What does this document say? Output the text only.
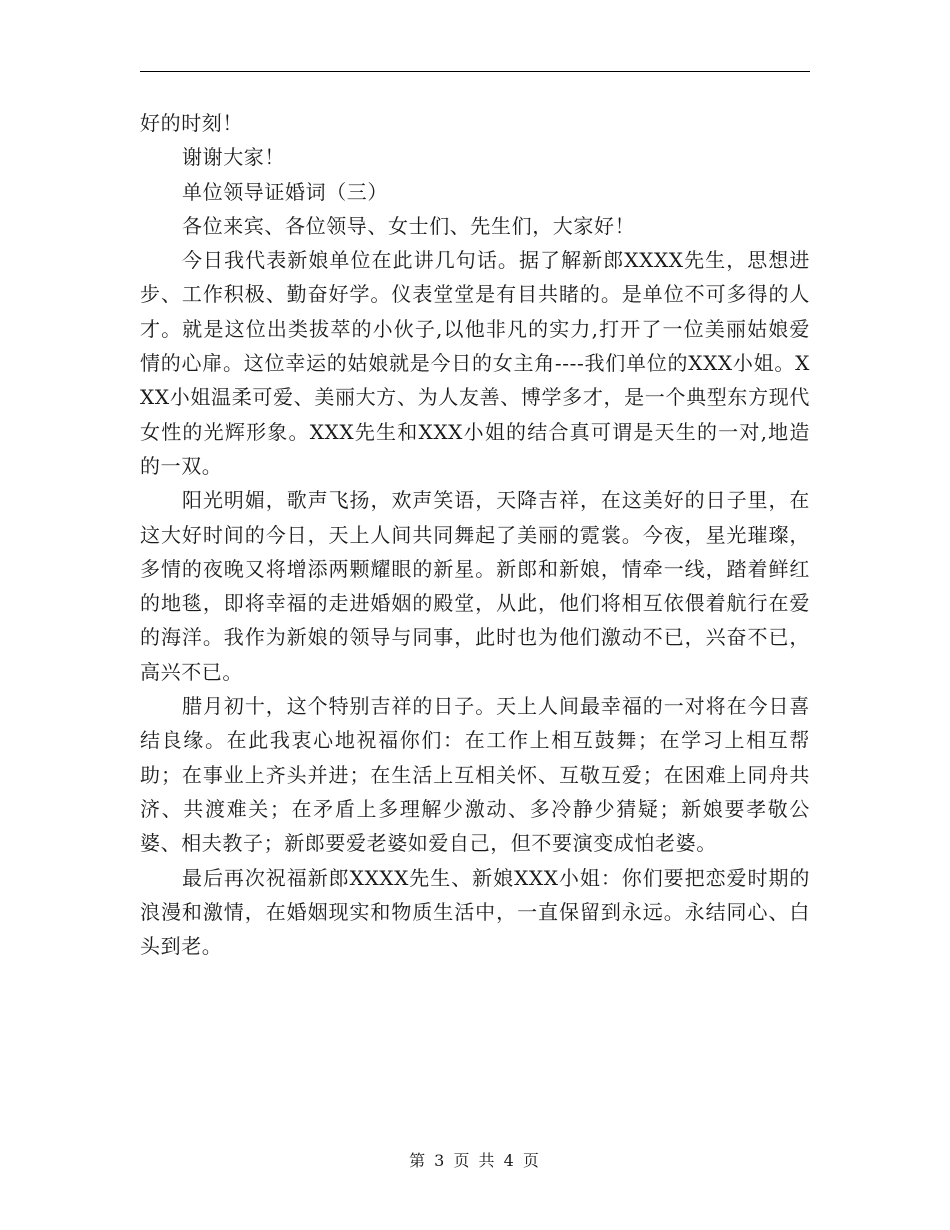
好的时刻！

谢谢大家！

单位领导证婚词（三）

各位来宾、各位领导、女士们、先生们，大家好！

今日我代表新娘单位在此讲几句话。据了解新郎XXXX先生，思想进步、工作积极、勤奋好学。仪表堂堂是有目共睹的。是单位不可多得的人才。就是这位出类拔萃的小伙子,以他非凡的实力,打开了一位美丽姑娘爱情的心扉。这位幸运的姑娘就是今日的女主角----我们单位的XXX小姐。XXX小姐温柔可爱、美丽大方、为人友善、博学多才，是一个典型东方现代女性的光辉形象。XXX先生和XXX小姐的结合真可谓是天生的一对,地造的一双。

阳光明媚，歌声飞扬，欢声笑语，天降吉祥，在这美好的日子里，在这大好时间的今日，天上人间共同舞起了美丽的霓裳。今夜，星光璀璨，多情的夜晚又将增添两颗耀眼的新星。新郎和新娘，情牵一线，踏着鲜红的地毯，即将幸福的走进婚姻的殿堂，从此，他们将相互依偎着航行在爱的海洋。我作为新娘的领导与同事，此时也为他们激动不已，兴奋不已，高兴不已。

腊月初十，这个特别吉祥的日子。天上人间最幸福的一对将在今日喜结良缘。在此我衷心地祝福你们：在工作上相互鼓舞；在学习上相互帮助；在事业上齐头并进；在生活上互相关怀、互敬互爱；在困难上同舟共济、共渡难关；在矛盾上多理解少激动、多冷静少猜疑；新娘要孝敬公婆、相夫教子；新郎要爱老婆如爱自己，但不要演变成怕老婆。

最后再次祝福新郎XXXX先生、新娘XXX小姐：你们要把恋爱时期的浪漫和激情，在婚姻现实和物质生活中，一直保留到永远。永结同心、白头到老。

第 3 页 共 4 页
